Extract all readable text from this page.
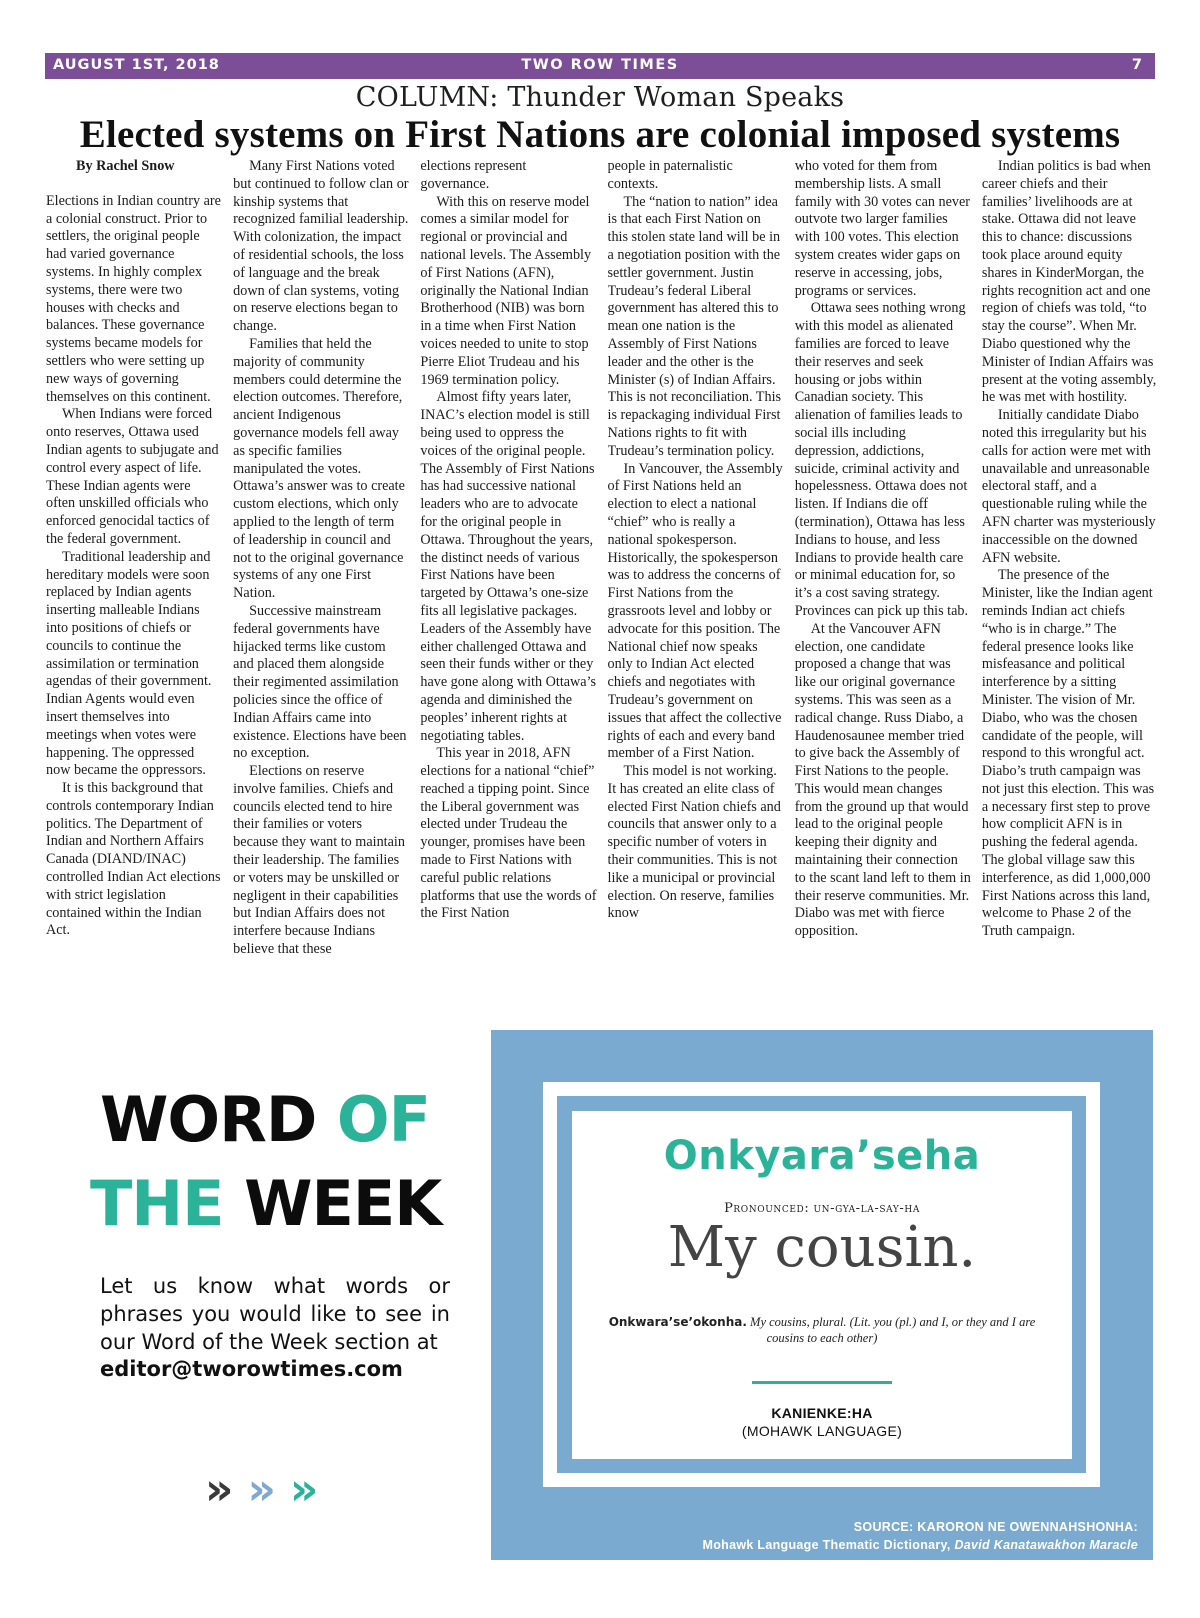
AUGUST 1ST, 2018	TWO ROW TIMES	7
COLUMN: Thunder Woman Speaks
Elected systems on First Nations are colonial imposed systems

By Rachel Snow

Elections in Indian country are a colonial construct. Prior to settlers, the original people had varied governance systems. In highly complex systems, there were two houses with checks and balances. These governance systems became models for settlers who were setting up new ways of governing themselves on this continent.

When Indians were forced onto reserves, Ottawa used Indian agents to subjugate and control every aspect of life. These Indian agents were often unskilled officials who enforced genocidal tactics of the federal government.

Traditional leadership and hereditary models were soon replaced by Indian agents inserting malleable Indians into positions of chiefs or councils to continue the assimilation or termination agendas of their government. Indian Agents would even insert themselves into meetings when votes were happening. The oppressed now became the oppressors.

It is this background that controls contemporary Indian politics. The Department of Indian and Northern Affairs Canada (DIAND/INAC) controlled Indian Act elections with strict legislation contained within the Indian Act.

Many First Nations voted but continued to follow clan or kinship systems that recognized familial leadership. With colonization, the impact of residential schools, the loss of language and the break down of clan systems, voting on reserve elections began to change.

Families that held the majority of community members could determine the election outcomes. Therefore, ancient Indigenous governance models fell away as specific families manipulated the votes. Ottawa’s answer was to create custom elections, which only applied to the length of term of leadership in council and not to the original governance systems of any one First Nation.

Successive mainstream federal governments have hijacked terms like custom and placed them alongside their regimented assimilation policies since the office of Indian Affairs came into existence. Elections have been no exception.

Elections on reserve involve families. Chiefs and councils elected tend to hire their families or voters because they want to maintain their leadership. The families or voters may be unskilled or negligent in their capabilities but Indian Affairs does not interfere because Indians believe that these

elections represent governance.

With this on reserve model comes a similar model for regional or provincial and national levels. The Assembly of First Nations (AFN), originally the National Indian Brotherhood (NIB) was born in a time when First Nation voices needed to unite to stop Pierre Eliot Trudeau and his 1969 termination policy.

Almost fifty years later, INAC’s election model is still being used to oppress the voices of the original people. The Assembly of First Nations has had successive national leaders who are to advocate for the original people in Ottawa. Throughout the years, the distinct needs of various First Nations have been targeted by Ottawa’s one-size fits all legislative packages. Leaders of the Assembly have either challenged Ottawa and seen their funds wither or they have gone along with Ottawa’s agenda and diminished the peoples’ inherent rights at negotiating tables.

This year in 2018, AFN elections for a national “chief” reached a tipping point. Since the Liberal government was elected under Trudeau the younger, promises have been made to First Nations with careful public relations platforms that use the words of the First Nation

people in paternalistic contexts.

The “nation to nation” idea is that each First Nation on this stolen state land will be in a negotiation position with the settler government. Justin Trudeau’s federal Liberal government has altered this to mean one nation is the Assembly of First Nations leader and the other is the Minister (s) of Indian Affairs. This is not reconciliation. This is repackaging individual First Nations rights to fit with Trudeau’s termination policy.

In Vancouver, the Assembly of First Nations held an election to elect a national “chief” who is really a national spokesperson. Historically, the spokesperson was to address the concerns of First Nations from the grassroots level and lobby or advocate for this position. The National chief now speaks only to Indian Act elected chiefs and negotiates with Trudeau’s government on issues that affect the collective rights of each and every band member of a First Nation.

This model is not working. It has created an elite class of elected First Nation chiefs and councils that answer only to a specific number of voters in their communities. This is not like a municipal or provincial election. On reserve, families know

who voted for them from membership lists. A small family with 30 votes can never outvote two larger families with 100 votes. This election system creates wider gaps on reserve in accessing, jobs, programs or services.

Ottawa sees nothing wrong with this model as alienated families are forced to leave their reserves and seek housing or jobs within Canadian society. This alienation of families leads to social ills including depression, addictions, suicide, criminal activity and hopelessness. Ottawa does not listen. If Indians die off (termination), Ottawa has less Indians to house, and less Indians to provide health care or minimal education for, so it’s a cost saving strategy. Provinces can pick up this tab.

At the Vancouver AFN election, one candidate proposed a change that was like our original governance systems. This was seen as a radical change. Russ Diabo, a Haudenosaunee member tried to give back the Assembly of First Nations to the people. This would mean changes from the ground up that would lead to the original people keeping their dignity and maintaining their connection to the scant land left to them in their reserve communities. Mr. Diabo was met with fierce opposition.

Indian politics is bad when career chiefs and their families’ livelihoods are at stake. Ottawa did not leave this to chance: discussions took place around equity shares in KinderMorgan, the rights recognition act and one region of chiefs was told, “to stay the course”. When Mr. Diabo questioned why the Minister of Indian Affairs was present at the voting assembly, he was met with hostility.

Initially candidate Diabo noted this irregularity but his calls for action were met with unavailable and unreasonable electoral staff, and a questionable ruling while the AFN charter was mysteriously inaccessible on the downed AFN website.

The presence of the Minister, like the Indian agent reminds Indian act chiefs “who is in charge.” The federal presence looks like misfeasance and political interference by a sitting Minister. The vision of Mr. Diabo, who was the chosen candidate of the people, will respond to this wrongful act. Diabo’s truth campaign was not just this election. This was a necessary first step to prove how complicit AFN is in pushing the federal agenda. The global village saw this interference, as did 1,000,000 First Nations across this land, welcome to Phase 2 of the Truth campaign.

WORD OF
THE WEEK
Let us know what words or phrases you would like to see in our Word of the Week section at
editor@tworowtimes.com
» » »
Onkyara’seha
Pronounced: un-gya-la-say-ha
My cousin.
Onkwara’se’okonha. My cousins, plural. (Lit. you (pl.) and I, or they and I are cousins to each other)
KANIENKE:HA
(MOHAWK LANGUAGE)
SOURCE: KARORON NE OWENNAHSHONHA:
Mohawk Language Thematic Dictionary, David Kanatawakhon Maracle
